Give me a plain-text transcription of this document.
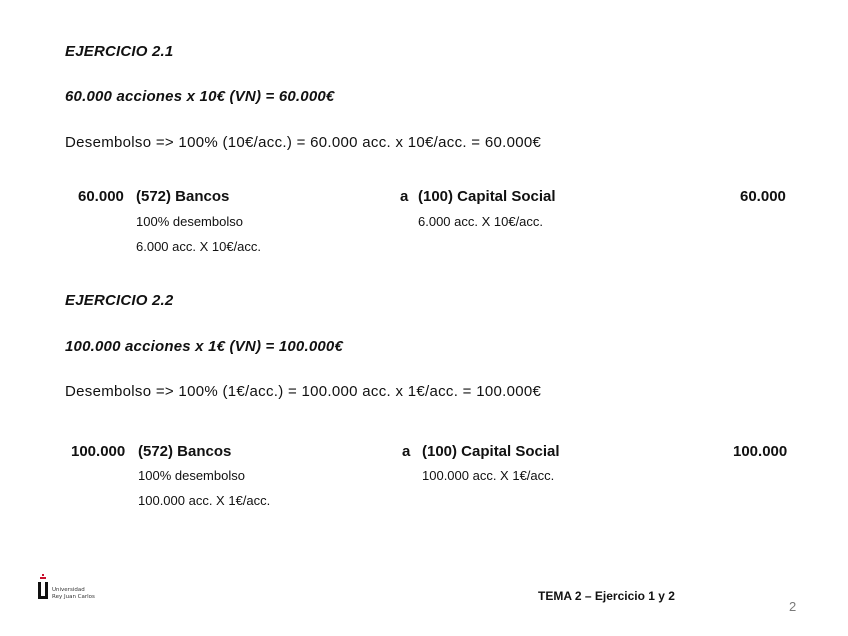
EJERCICIO 2.1
60.000 acciones x 10€ (VN) = 60.000€
Desembolso => 100% (10€/acc.) = 60.000 acc. x 10€/acc. = 60.000€
60.000 (572) Bancos
100% desembolso
6.000 acc. X 10€/acc.
a (100) Capital Social
6.000 acc. X 10€/acc.
60.000
EJERCICIO 2.2
100.000 acciones x 1€ (VN) = 100.000€
Desembolso => 100% (1€/acc.) = 100.000 acc. x 1€/acc. = 100.000€
100.000 (572) Bancos
100% desembolso
100.000 acc. X 1€/acc.
a (100) Capital Social
100.000 acc. X 1€/acc.
100.000
Universidad
Rey Juan Carlos	TEMA 2 – Ejercicio 1 y 2
2
